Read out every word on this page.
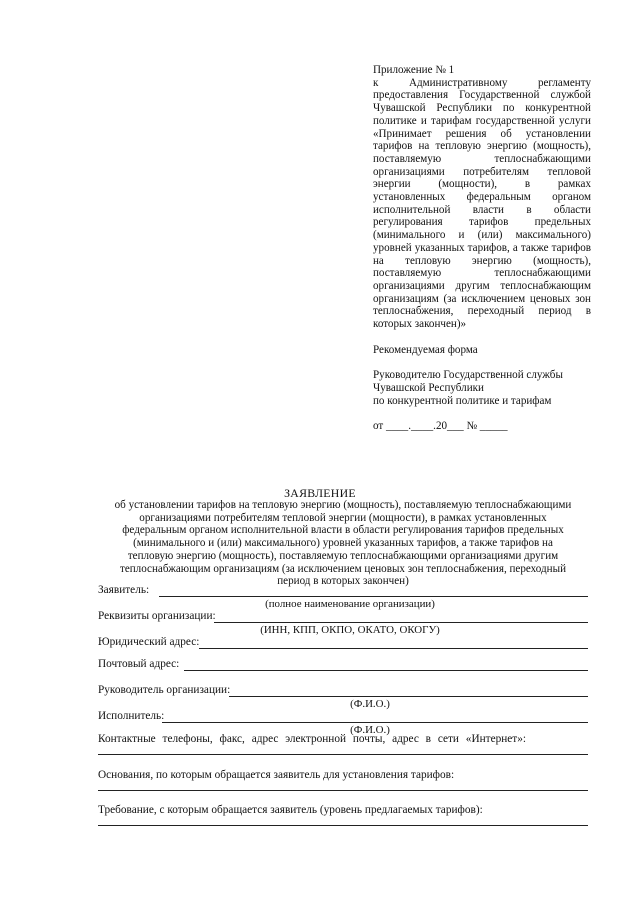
Приложение № 1
к Административному регламенту предоставления Государственной службой Чувашской Республики по конкурентной политике и тарифам государственной услуги «Принимает решения об установлении тарифов на тепловую энергию (мощность), поставляемую теплоснабжающими организациями потребителям тепловой энергии (мощности), в рамках установленных федеральным органом исполнительной власти в области регулирования тарифов предельных (минимального и (или) максимального) уровней указанных тарифов, а также тарифов на тепловую энергию (мощность), поставляемую теплоснабжающими организациями другим теплоснабжающим организациям (за исключением ценовых зон теплоснабжения, переходный период в которых закончен)»
Рекомендуемая форма
Руководителю Государственной службы
Чувашской Республики
по конкурентной политике и тарифам
от ____.____.20___ № _____
ЗАЯВЛЕНИЕ
об установлении тарифов на тепловую энергию (мощность), поставляемую теплоснабжающими организациями потребителям тепловой энергии (мощности), в рамках установленных федеральным органом исполнительной власти в области регулирования тарифов предельных (минимального и (или) максимального) уровней указанных тарифов, а также тарифов на тепловую энергию (мощность), поставляемую теплоснабжающими организациями другим теплоснабжающим организациям (за исключением ценовых зон теплоснабжения, переходный период в которых закончен)
Заявитель:
(полное наименование организации)
Реквизиты организации:
(ИНН, КПП, ОКПО, ОКАТО, ОКОГУ)
Юридический адрес:
Почтовый адрес:
Руководитель организации:
(Ф.И.О.)
Исполнитель:
(Ф.И.О.)
Контактные телефоны, факс, адрес электронной почты, адрес в сети «Интернет»:
Основания, по которым обращается заявитель для установления тарифов:
Требование, с которым обращается заявитель (уровень предлагаемых тарифов):
